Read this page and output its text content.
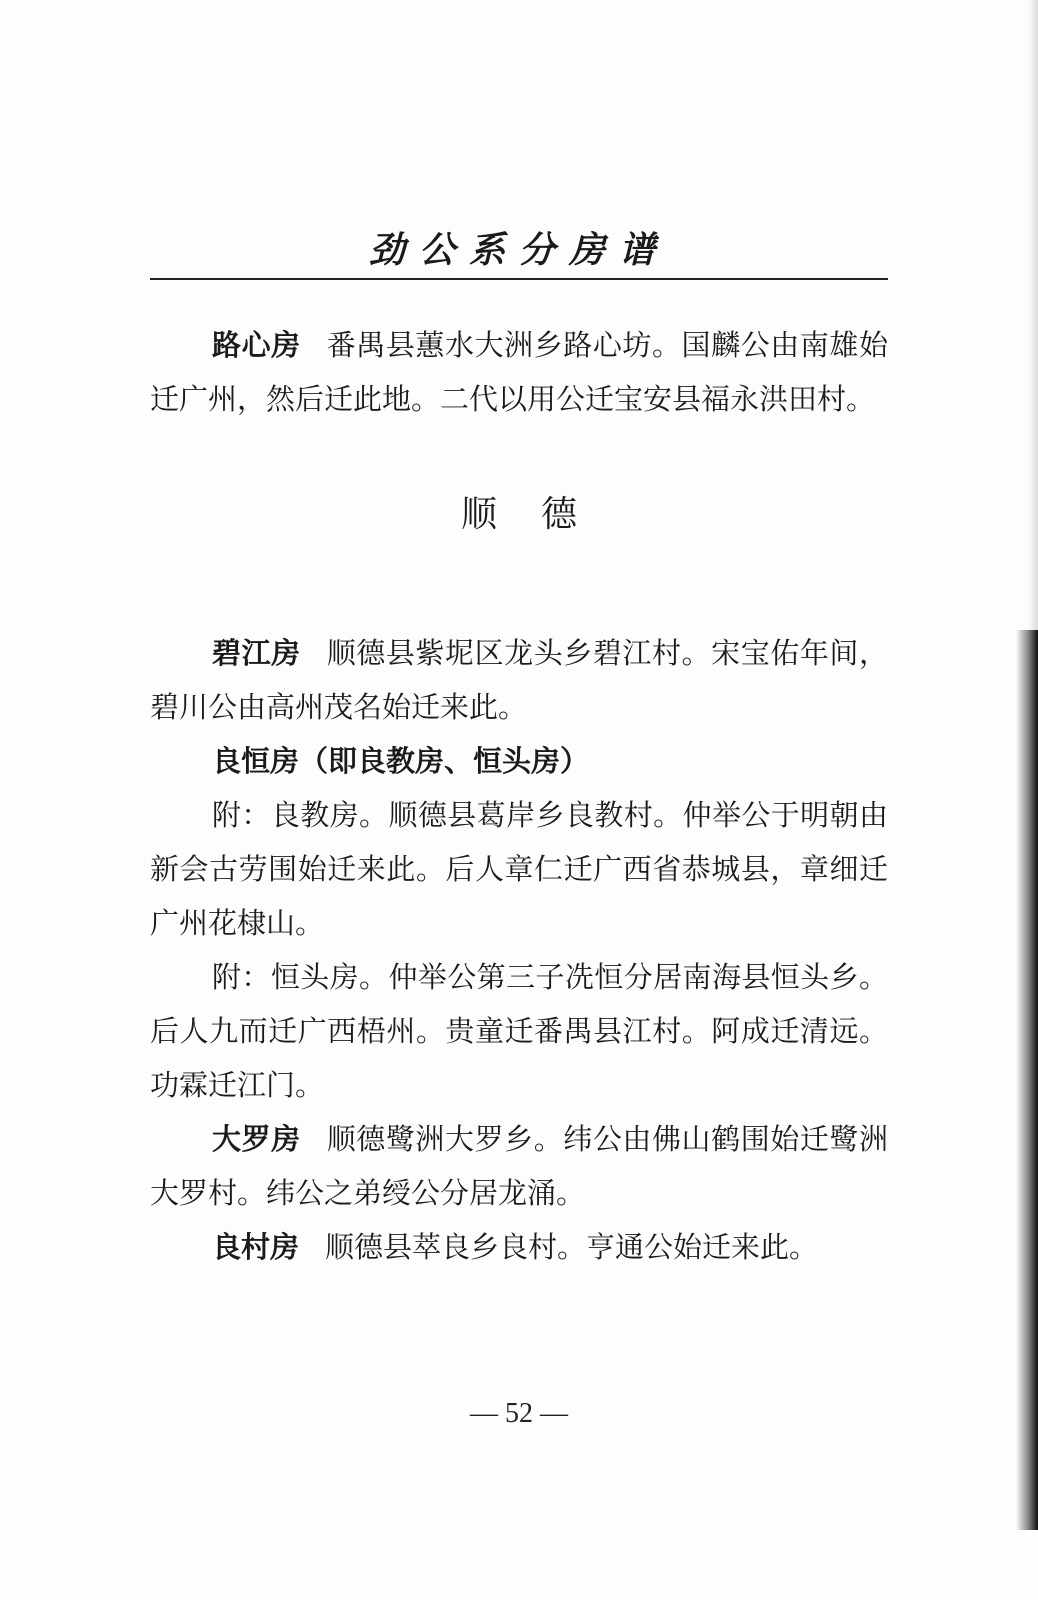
劲公系分房谱

路心房 番禺县蕙水大洲乡路心坊。国麟公由南雄始迁广州，然后迁此地。二代以用公迁宝安县福永洪田村。

顺德

碧江房 顺德县紫坭区龙头乡碧江村。宋宝佑年间，碧川公由高州茂名始迁来此。

良恒房（即良教房、恒头房）

附：良教房。顺德县葛岸乡良教村。仲举公于明朝由新会古劳围始迁来此。后人章仁迁广西省恭城县，章细迁广州花棣山。

附：恒头房。仲举公第三子冼恒分居南海县恒头乡。后人九而迁广西梧州。贵童迁番禺县江村。阿成迁清远。功霖迁江门。

大罗房 顺德鹭洲大罗乡。纬公由佛山鹤围始迁鹭洲大罗村。纬公之弟绶公分居龙涌。

良村房 顺德县萃良乡良村。亨通公始迁来此。

— 52 —
